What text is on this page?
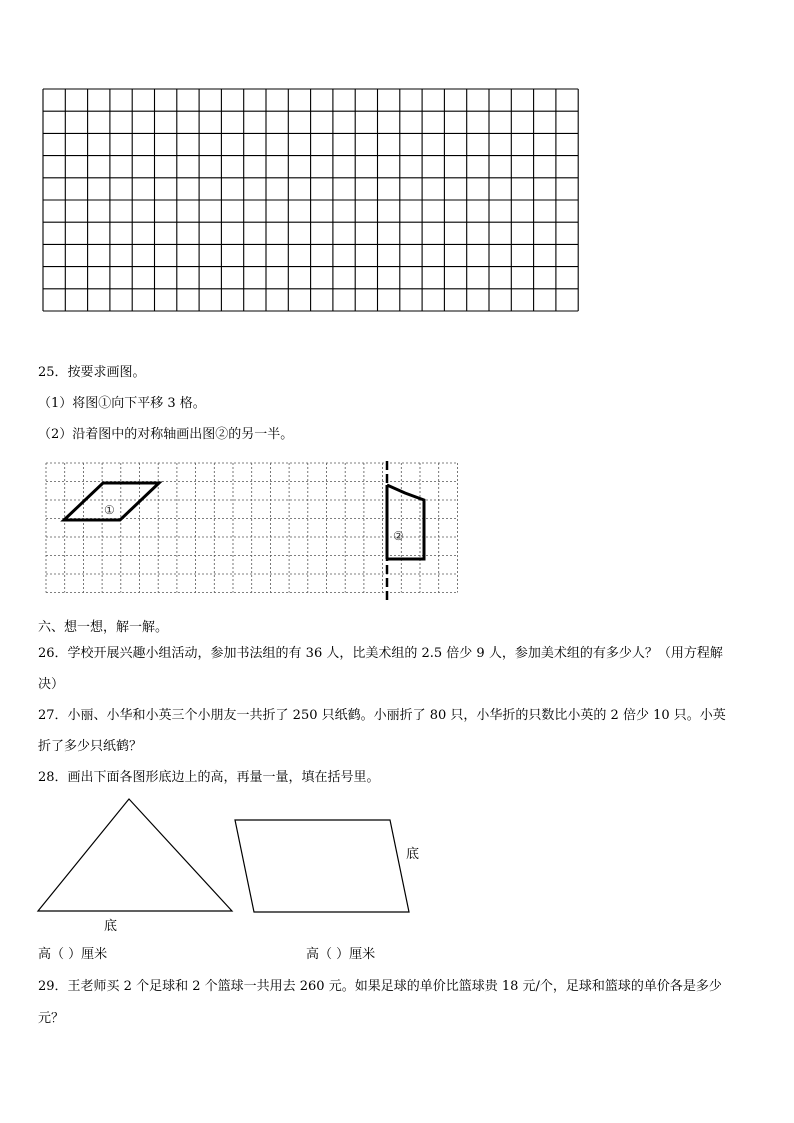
25．按要求画图。
（1）将图①向下平移 3 格。
（2）沿着图中的对称轴画出图②的另一半。
①
②
六、想一想，解一解。
26．学校开展兴趣小组活动，参加书法组的有 36 人，比美术组的 2.5 倍少 9 人，参加美术组的有多少人？（用方程解
决）
27．小丽、小华和小英三个小朋友一共折了 250 只纸鹤。小丽折了 80 只，小华折的只数比小英的 2 倍少 10 只。小英
折了多少只纸鹤？
28．画出下面各图形底边上的高，再量一量，填在括号里。
底
底
高（ ）厘米	高（ ）厘米
29．王老师买 2 个足球和 2 个篮球一共用去 260 元。如果足球的单价比篮球贵 18 元/个，足球和篮球的单价各是多少
元？
